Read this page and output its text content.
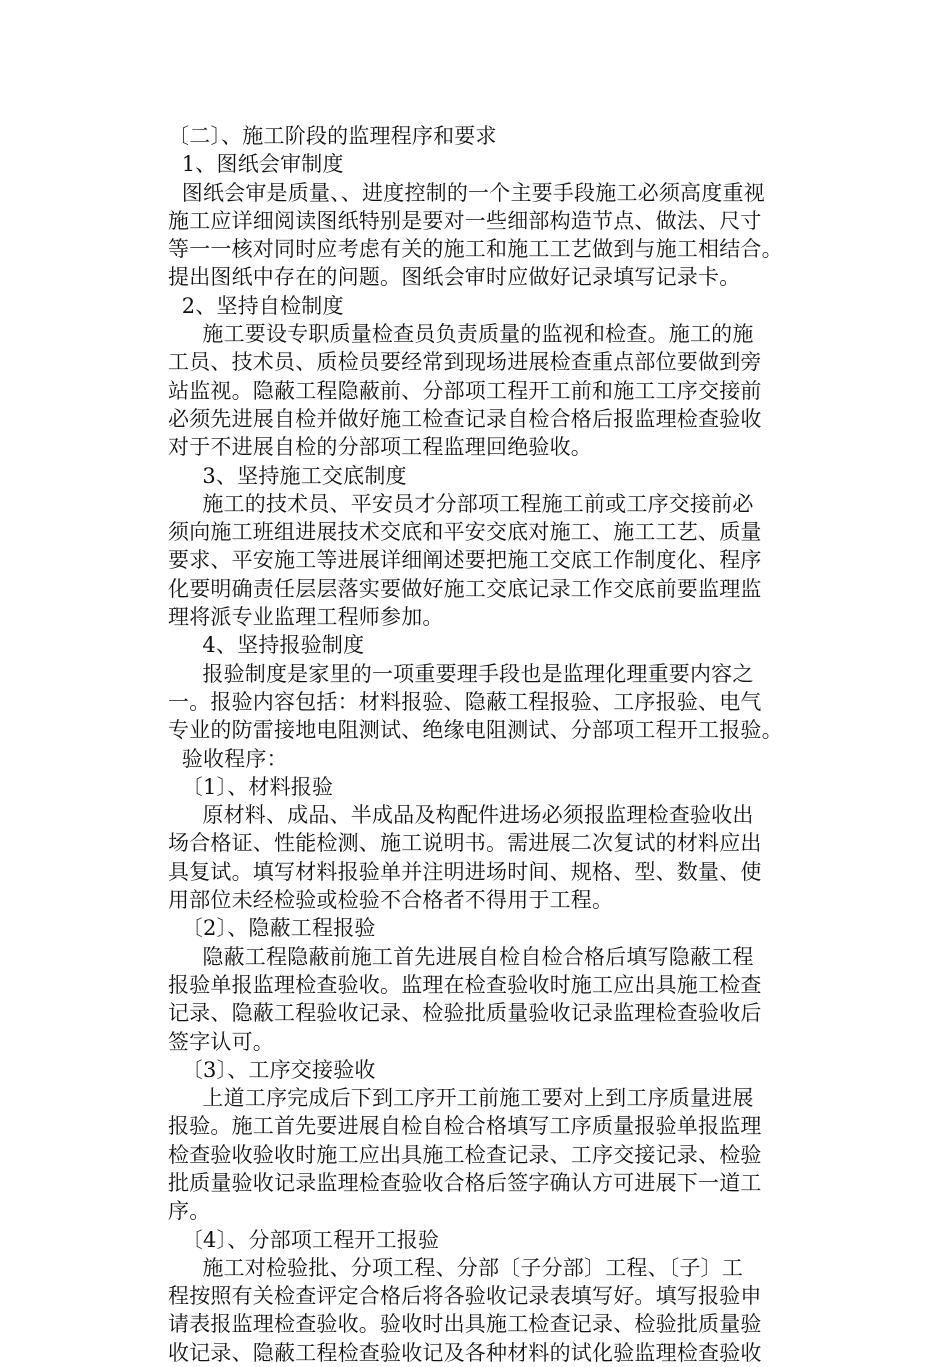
〔二〕、施工阶段的监理程序和要求
1、图纸会审制度
图纸会审是质量、、进度控制的一个主要手段施工必须高度重视
施工应详细阅读图纸特别是要对一些细部构造节点、做法、尺寸
等一一核对同时应考虑有关的施工和施工工艺做到与施工相结合。
提出图纸中存在的问题。图纸会审时应做好记录填写记录卡。
2、坚持自检制度
施工要设专职质量检查员负责质量的监视和检查。施工的施
工员、技术员、质检员要经常到现场进展检查重点部位要做到旁
站监视。隐蔽工程隐蔽前、分部项工程开工前和施工工序交接前
必须先进展自检并做好施工检查记录自检合格后报监理检查验收
对于不进展自检的分部项工程监理回绝验收。
3、坚持施工交底制度
施工的技术员、平安员才分部项工程施工前或工序交接前必
须向施工班组进展技术交底和平安交底对施工、施工工艺、质量
要求、平安施工等进展详细阐述要把施工交底工作制度化、程序
化要明确责任层层落实要做好施工交底记录工作交底前要监理监
理将派专业监理工程师参加。
4、坚持报验制度
报验制度是家里的一项重要理手段也是监理化理重要内容之
一。报验内容包括：材料报验、隐蔽工程报验、工序报验、电气
专业的防雷接地电阻测试、绝缘电阻测试、分部项工程开工报验。
验收程序：
〔1〕、材料报验
原材料、成品、半成品及构配件进场必须报监理检查验收出
场合格证、性能检测、施工说明书。需进展二次复试的材料应出
具复试。填写材料报验单并注明进场时间、规格、型、数量、使
用部位未经检验或检验不合格者不得用于工程。
〔2〕、隐蔽工程报验
隐蔽工程隐蔽前施工首先进展自检自检合格后填写隐蔽工程
报验单报监理检查验收。监理在检查验收时施工应出具施工检查
记录、隐蔽工程验收记录、检验批质量验收记录监理检查验收后
签字认可。
〔3〕、工序交接验收
上道工序完成后下到工序开工前施工要对上到工序质量进展
报验。施工首先要进展自检自检合格填写工序质量报验单报监理
检查验收验收时施工应出具施工检查记录、工序交接记录、检验
批质量验收记录监理检查验收合格后签字确认方可进展下一道工
序。
〔4〕、分部项工程开工报验
施工对检验批、分项工程、分部〔子分部〕工程、〔子〕工
程按照有关检查评定合格后将各验收记录表填写好。填写报验申
请表报监理检查验收。验收时出具施工检查记录、检验批质量验
收记录、隐蔽工程检查验收记及各种材料的试化验监理检查验收
